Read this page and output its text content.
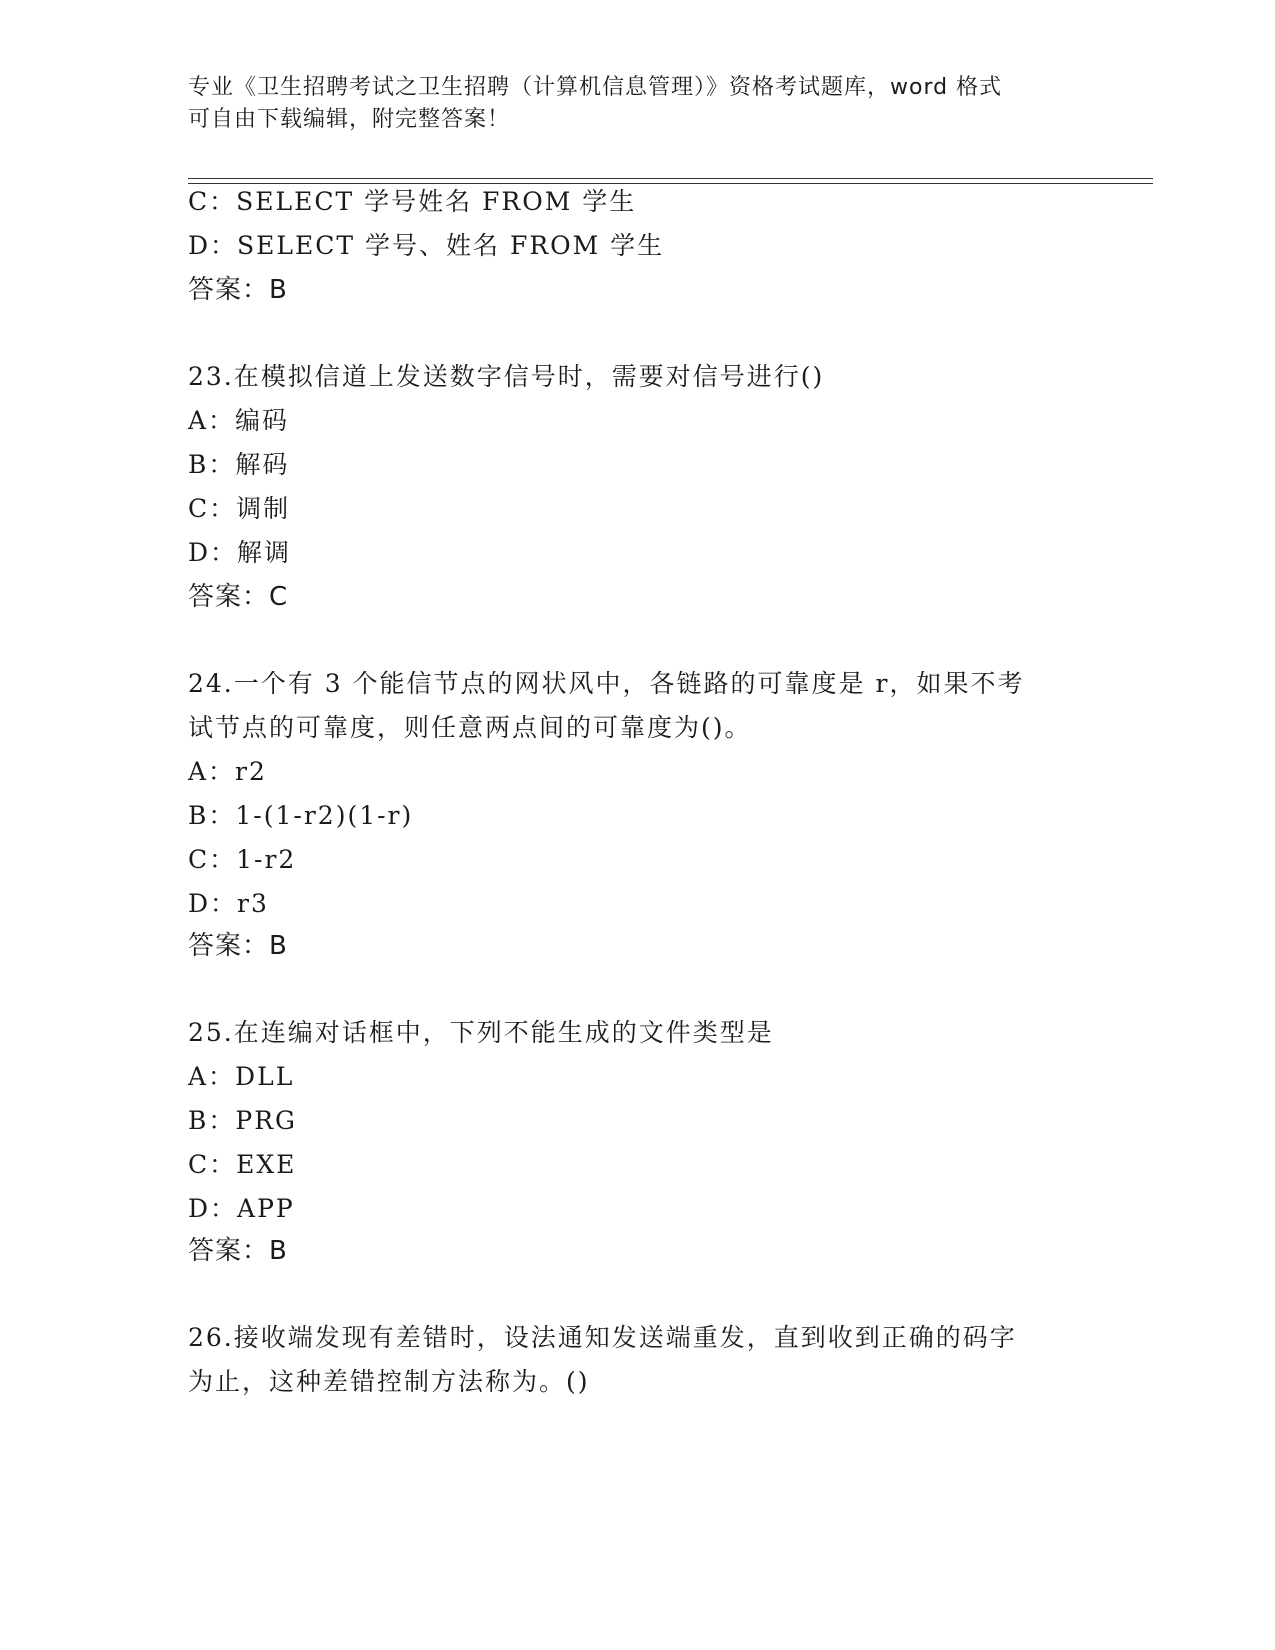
专业《卫生招聘考试之卫生招聘（计算机信息管理）》资格考试题库，word 格式
可自由下载编辑，附完整答案！
C：SELECT 学号姓名 FROM 学生
D：SELECT 学号、姓名 FROM 学生
答案：B
23.在模拟信道上发送数字信号时，需要对信号进行()
A：编码
B：解码
C：调制
D：解调
答案：C
24.一个有 3 个能信节点的网状风中，各链路的可靠度是 r，如果不考
试节点的可靠度，则任意两点间的可靠度为()。
A：r2
B：1-(1-r2)(1-r)
C：1-r2
D：r3
答案：B
25.在连编对话框中，下列不能生成的文件类型是
A：DLL
B：PRG
C：EXE
D：APP
答案：B
26.接收端发现有差错时，设法通知发送端重发，直到收到正确的码字
为止，这种差错控制方法称为。()
